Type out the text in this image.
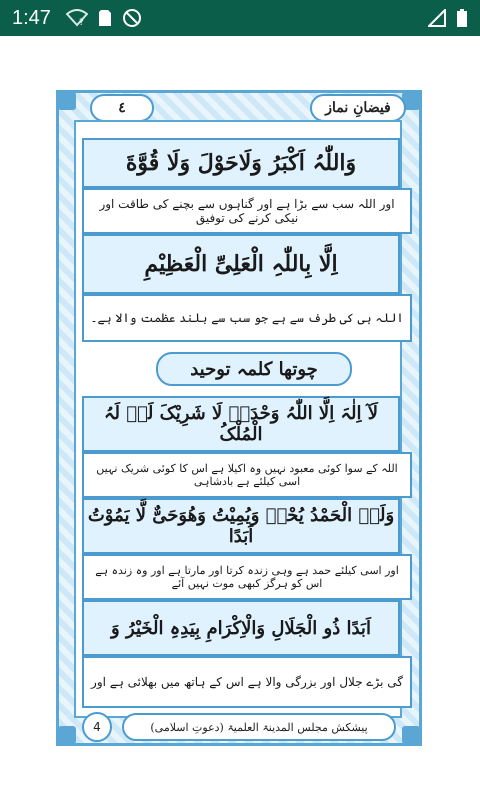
1:47	?
٤	فیضانِ نماز
وَاللّٰہُ اَکْبَرُ وَلَاحَوْلَ وَلَا قُوَّةَ
اور اللہ سب سے بڑا ہے اور گناہوں سے بچنے کی طاقت اور نیکی کرنے کی توفیق
اِلَّا بِاللّٰہِ الْعَلِیِّ الْعَظِیْمِ
اللہ ہی کی طرف سے ہے جو سب سے بلند عظمت والا ہے۔
چوتھا کلمہ توحید
لَآ اِلٰہَ اِلَّا اللّٰہُ وَحْدَہٗ لَا شَرِیْکَ لَہٗ لَہُ الْمُلْکُ
اللہ کے سوا کوئی معبود نہیں وہ اکیلا ہے اس کا کوئی شریک نہیں اسی کیلئے ہے بادشاہی
وَلَہُ الْحَمْدُ یُحْیٖ وَیُمِیْتُ وَھُوَحَیٌّ لَّا یَمُوْتُ اَبَدًا
اور اسی کیلئے حمد ہے وہی زندہ کرتا اور مارتا ہے اور وہ زندہ ہے اس کو ہرگز کبھی موت نہیں آئے
اَبَدًا ذُو الْجَلَالِ وَالْاِکْرَامِ بِیَدِہِ الْخَیْرُ وَ
گی بڑے جلال اور بزرگی والا ہے اس کے ہاتھ میں بھلائی ہے اور
4	پیشکش مجلس المدینۃ العلمیۃ (دعوتِ اسلامی)
